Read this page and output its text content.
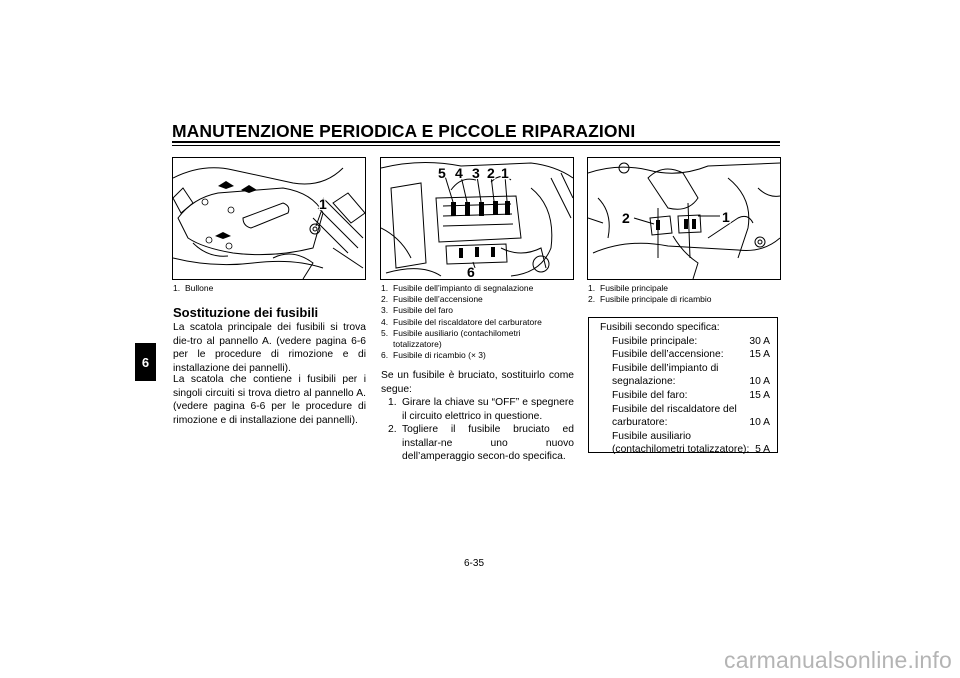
MANUTENZIONE PERIODICA E PICCOLE RIPARAZIONI
6
1
1. Bullone
Sostituzione dei fusibili

La scatola principale dei fusibili si trova die-tro al pannello A. (vedere pagina 6-6 per le procedure di rimozione e di installazione dei pannelli).

La scatola che contiene i fusibili per i singoli circuiti si trova dietro al pannello A. (vedere pagina 6-6 per le procedure di rimozione e di installazione dei pannelli).

5 4 3 2 1
6
1. Fusibile dell’impianto di segnalazione
2. Fusibile dell’accensione
3. Fusibile del faro
4. Fusibile del riscaldatore del carburatore
5. Fusibile ausiliario (contachilometri totalizzatore)
6. Fusibile di ricambio (× 3)

Se un fusibile è bruciato, sostituirlo come segue:

1. Girare la chiave su “OFF” e spegnere il circuito elettrico in questione.
2. Togliere il fusibile bruciato ed installar-ne uno nuovo dell’amperaggio secon-do specifica.
2	1
1. Fusibile principale
2. Fusibile principale di ricambio
Fusibili secondo specifica:
Fusibile principale:	30 A
Fusibile dell’accensione:	15 A
Fusibile dell’impianto di
segnalazione:	10 A
Fusibile del faro:	15 A
Fusibile del riscaldatore del
carburatore:	10 A
Fusibile ausiliario
(contachilometri totalizzatore): 5 A
6-35
carmanualsonline.info
